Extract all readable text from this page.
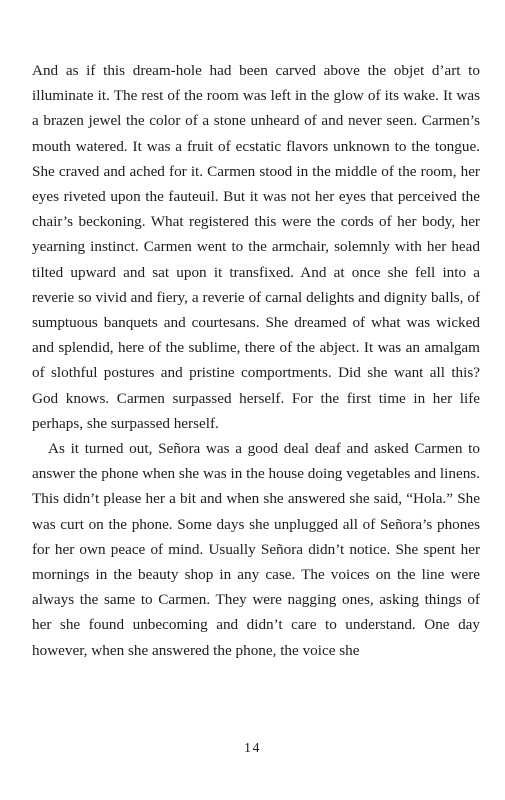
And as if this dream-hole had been carved above the objet d’art to illuminate it. The rest of the room was left in the glow of its wake. It was a brazen jewel the color of a stone unheard of and never seen. Carmen’s mouth watered. It was a fruit of ecstatic flavors unknown to the tongue. She craved and ached for it. Carmen stood in the middle of the room, her eyes riveted upon the fauteuil. But it was not her eyes that perceived the chair’s beckoning. What registered this were the cords of her body, her yearning instinct. Carmen went to the armchair, solemnly with her head tilted upward and sat upon it transfixed. And at once she fell into a reverie so vivid and fiery, a reverie of carnal delights and dignity balls, of sumptuous banquets and courtesans. She dreamed of what was wicked and splendid, here of the sublime, there of the abject. It was an amalgam of slothful postures and pristine comportments. Did she want all this? God knows. Carmen surpassed herself. For the first time in her life perhaps, she surpassed herself.

As it turned out, Señora was a good deal deaf and asked Carmen to answer the phone when she was in the house doing vegetables and linens. This didn’t please her a bit and when she answered she said, “Hola.” She was curt on the phone. Some days she unplugged all of Señora’s phones for her own peace of mind. Usually Señora didn’t notice. She spent her mornings in the beauty shop in any case. The voices on the line were always the same to Carmen. They were nagging ones, asking things of her she found unbecoming and didn’t care to understand. One day however, when she answered the phone, the voice she

14
